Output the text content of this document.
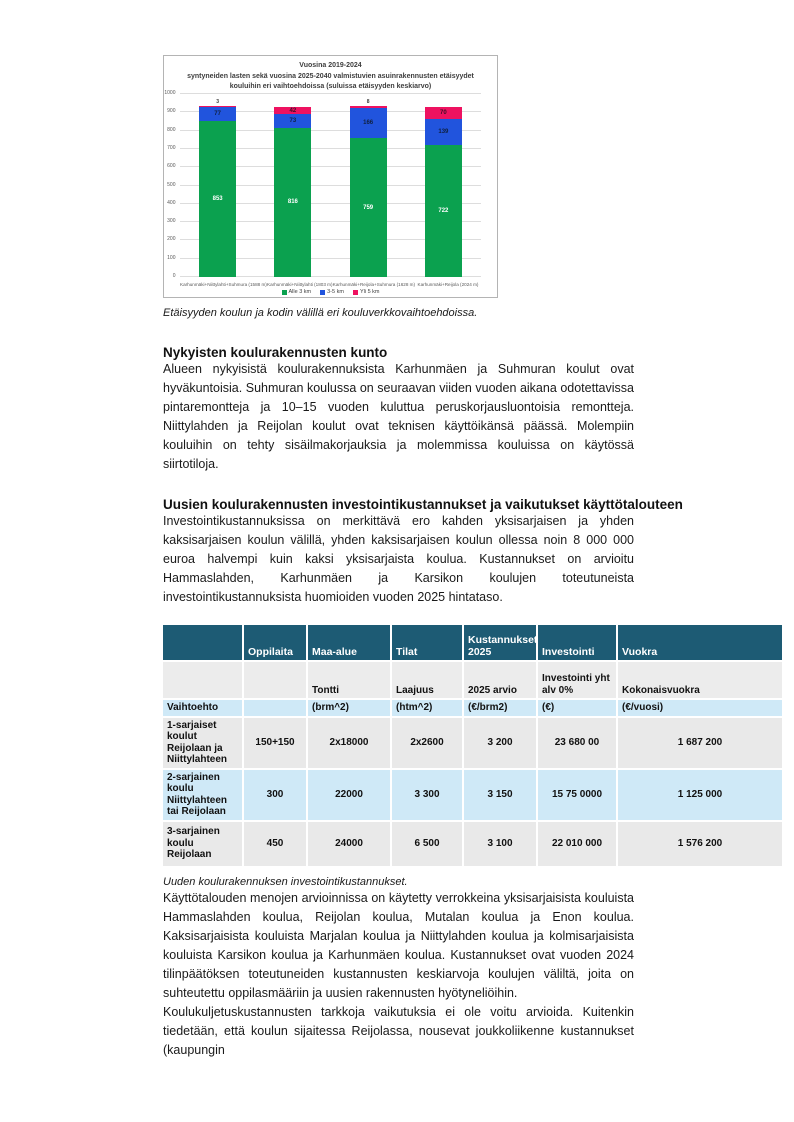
Vuosina 2019-2024
syntyneiden lasten sekä vuosina 2025-2040 valmistuvien asuinrakennusten etäisyydet
kouluihin eri vaihtoehdoissa (suluissa etäisyyden keskiarvo)
0
100
200
300
400
500
600
700
800
900
1000
853
77
3
816
73
42
759
166
8
722
139
70
Karhunmäki+Niittylahti+Suhmura (1588 m) Karhunmäki+Niittylahti (1803 m) Karhunmäki+Reijola+Suhmura (1628 m) Karhunmäki+Reijola (2024 m)
Alle 3 km	3-5 km	Yli 5 km

Etäisyyden koulun ja kodin välillä eri kouluverkkovaihtoehdoissa.

Nykyisten koulurakennusten kunto

Alueen nykyisistä koulurakennuksista Karhunmäen ja Suhmuran koulut ovat hyväkuntoisia. Suhmuran koulussa on seuraavan viiden vuoden aikana odotettavissa pintaremontteja ja 10–15 vuoden kuluttua peruskorjausluontoisia remontteja. Niittylahden ja Reijolan koulut ovat teknisen käyttöikänsä päässä. Molempiin kouluihin on tehty sisäilmakorjauksia ja molemmissa kouluissa on käytössä siirtotiloja.

Uusien koulurakennusten investointikustannukset ja vaikutukset käyttötalouteen

Investointikustannuksissa on merkittävä ero kahden yksisarjaisen ja yhden kaksisarjaisen koulun välillä, yhden kaksisarjaisen koulun ollessa noin 8 000 000 euroa halvempi kuin kaksi yksisarjaista koulua. Kustannukset on arvioitu Hammaslahden, Karhunmäen ja Karsikon koulujen toteutuneista investointikustannuksista huomioiden vuoden 2025 hintataso.

	Oppilaita	Maa-alue	Tilat	Kustannukset 2025	Investointi	Vuokra
		Tontti	Laajuus	2025 arvio	Investointi yht alv 0%	Kokonaisvuokra
Vaihtoehto		(brm^2)	(htm^2)	(€/brm2)	(€)	(€/vuosi)
1-sarjaiset koulut Reijolaan ja Niittylahteen	150+150	2x18000	2x2600	3 200	23 680 00	1 687 200
2-sarjainen koulu Niittylahteen tai Reijolaan	300	22000	3 300	3 150	15 75 0000	1 125 000
3-sarjainen koulu Reijolaan	450	24000	6 500	3 100	22 010 000	1 576 200

Uuden koulurakennuksen investointikustannukset.

Käyttötalouden menojen arvioinnissa on käytetty verrokkeina yksisarjaisista kouluista Hammaslahden koulua, Reijolan koulua, Mutalan koulua ja Enon koulua. Kaksisarjaisista kouluista Marjalan koulua ja Niittylahden koulua ja kolmisarjaisista kouluista Karsikon koulua ja Karhunmäen koulua. Kustannukset ovat vuoden 2024 tilinpäätöksen toteutuneiden kustannusten keskiarvoja koulujen väliltä, joita on suhteutettu oppilasmääriin ja uusien rakennusten hyötyneliöihin.

Koulukuljetuskustannusten tarkkoja vaikutuksia ei ole voitu arvioida. Kuitenkin tiedetään, että koulun sijaitessa Reijolassa, nousevat joukkoliikenne kustannukset (kaupungin
